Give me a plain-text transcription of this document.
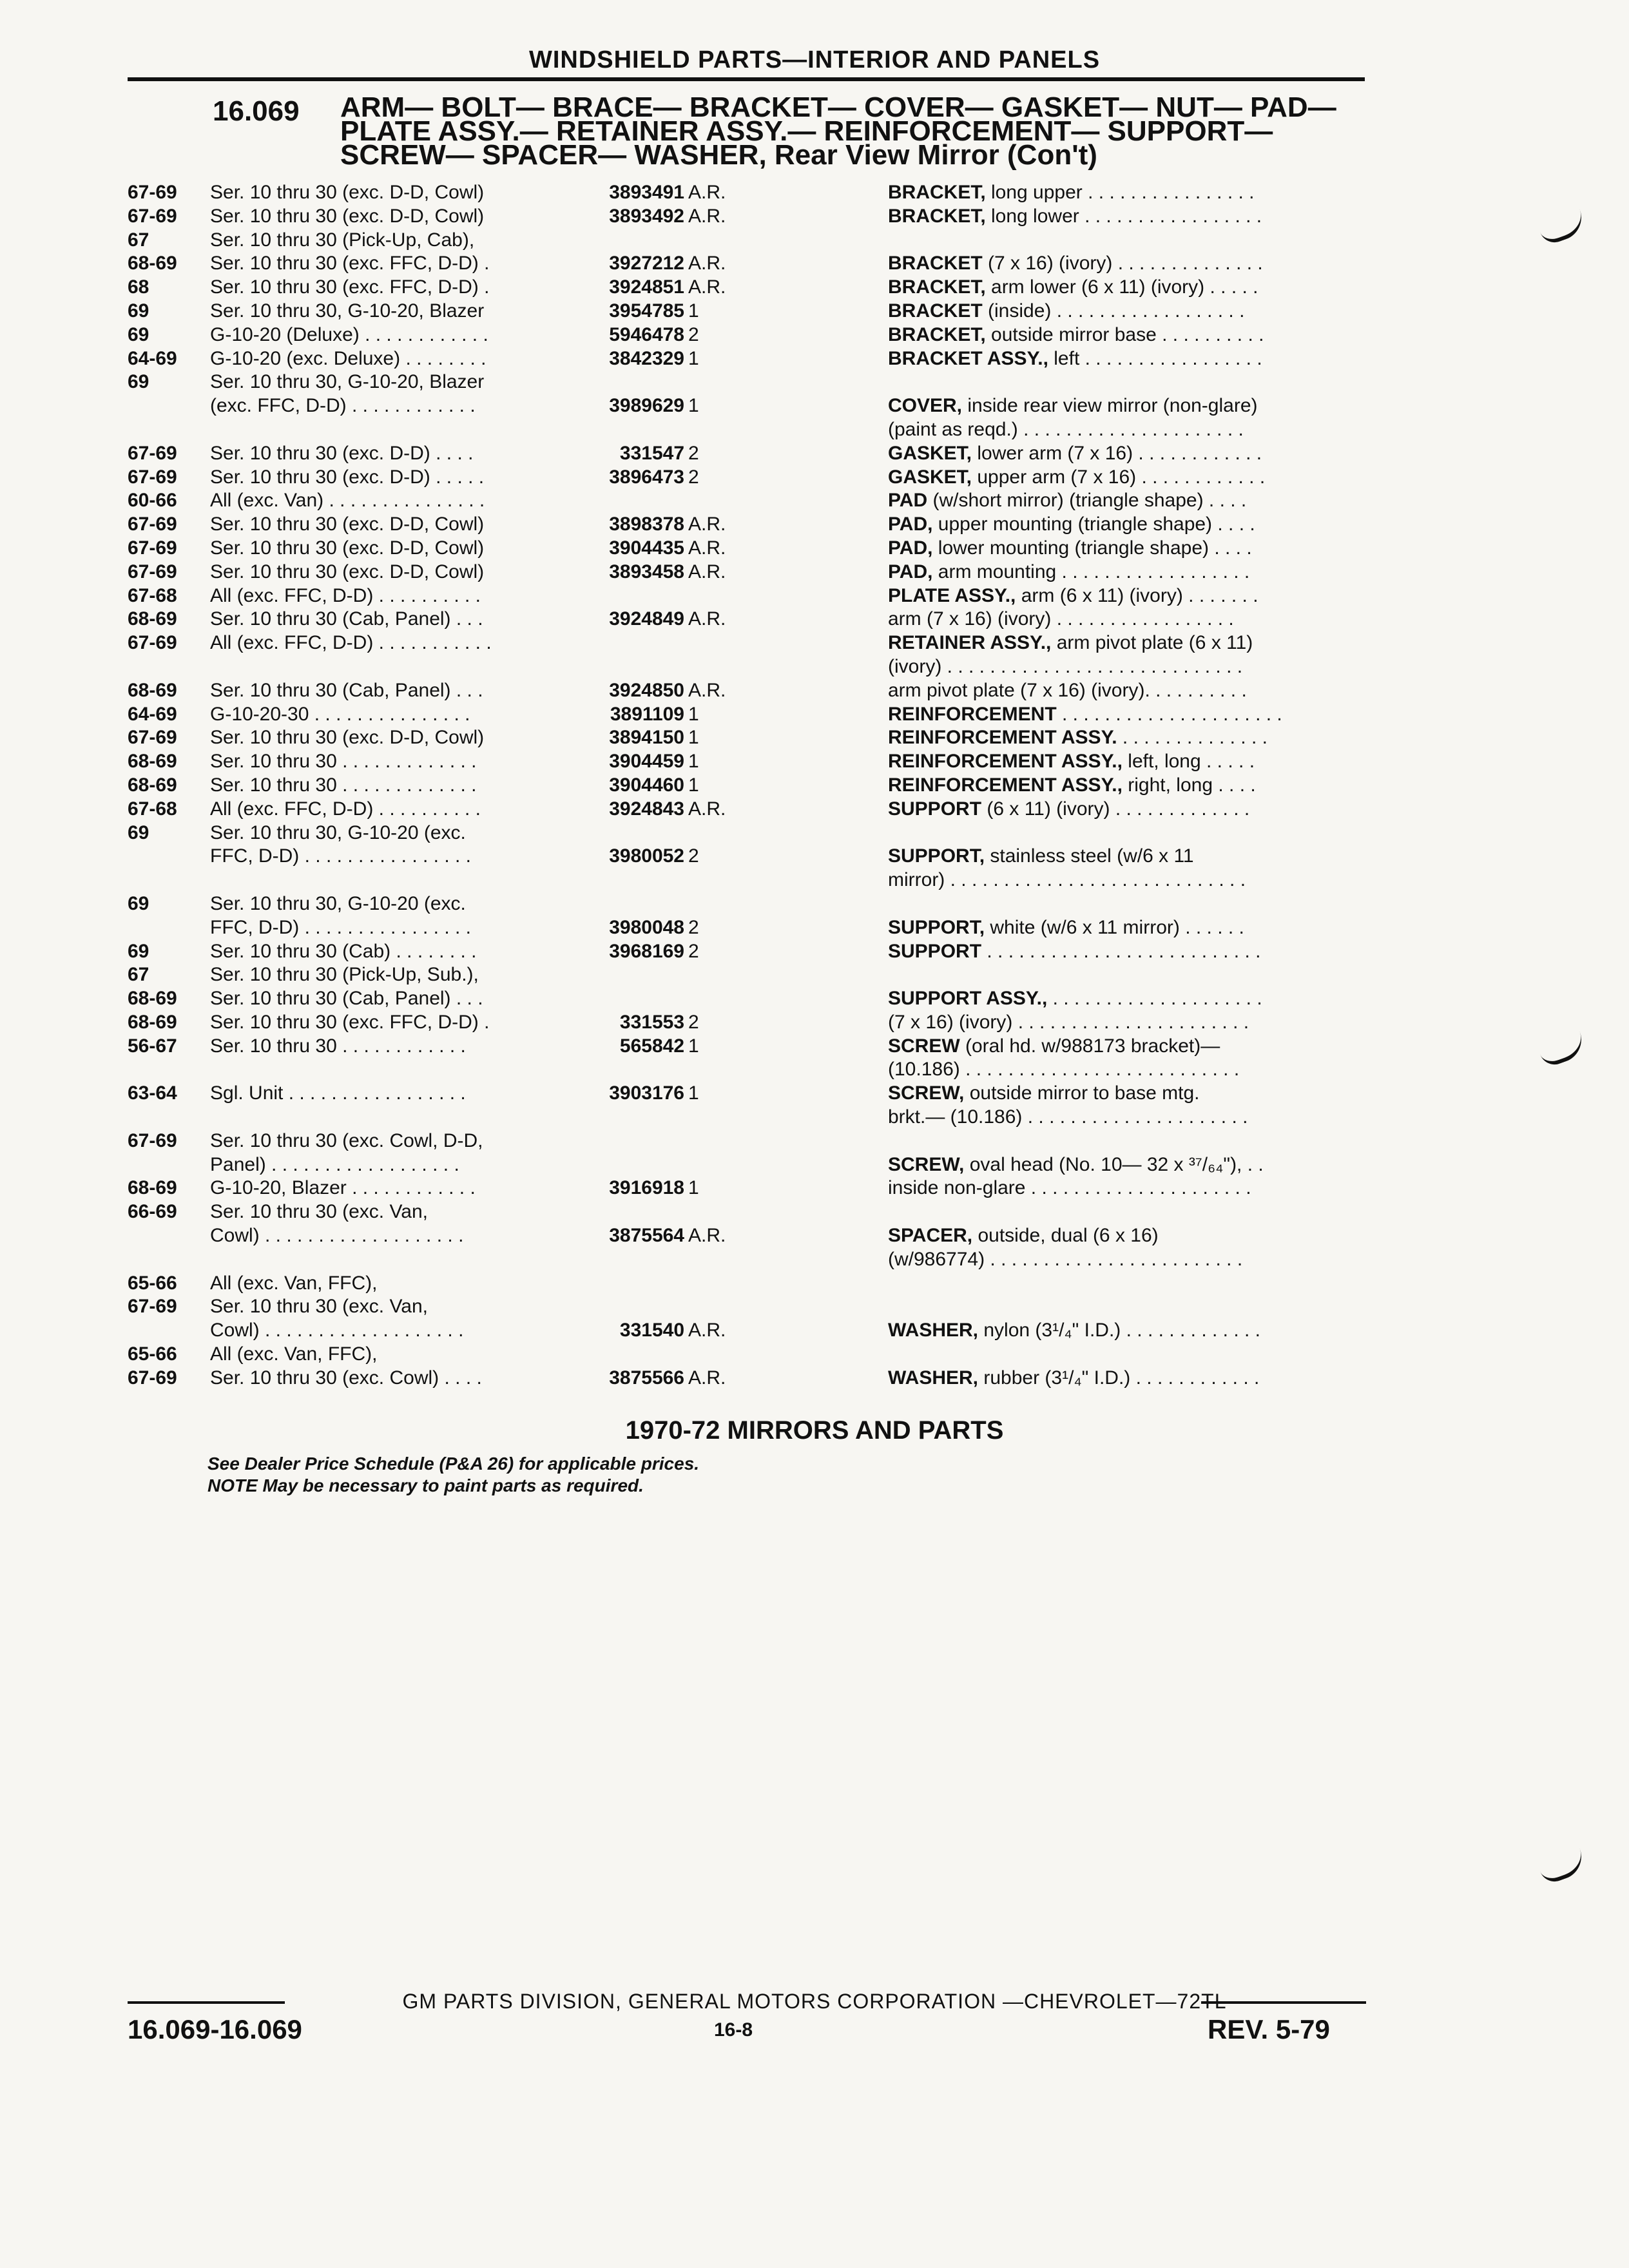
WINDSHIELD PARTS—INTERIOR AND PANELS
16.069 ARM— BOLT— BRACE— BRACKET— COVER— GASKET— NUT— PAD—
PLATE ASSY.— RETAINER ASSY.— REINFORCEMENT— SUPPORT—
SCREW— SPACER— WASHER, Rear View Mirror (Con't)
67-69 Ser. 10 thru 30 (exc. D-D, Cowl)	3893491 A.R.	BRACKET, long upper . . . . . . . . . . . . . . . .
67-69 Ser. 10 thru 30 (exc. D-D, Cowl)	3893492 A.R.	BRACKET, long lower . . . . . . . . . . . . . . . . .
67	Ser. 10 thru 30 (Pick-Up, Cab),
68-69 Ser. 10 thru 30 (exc. FFC, D-D) .	3927212 A.R.	BRACKET (7 x 16) (ivory) . . . . . . . . . . . . . .
68	Ser. 10 thru 30 (exc. FFC, D-D) .	3924851 A.R.	BRACKET, arm lower (6 x 11) (ivory) . . . . .
69	Ser. 10 thru 30, G-10-20, Blazer	3954785 1	BRACKET (inside) . . . . . . . . . . . . . . . . . .
69	G-10-20 (Deluxe) . . . . . . . . . . . .	5946478 2	BRACKET, outside mirror base . . . . . . . . . .
64-69 G-10-20 (exc. Deluxe) . . . . . . . .	3842329 1	BRACKET ASSY., left . . . . . . . . . . . . . . . . .
69	Ser. 10 thru 30, G-10-20, Blazer
(exc. FFC, D-D) . . . . . . . . . . . .	3989629 1	COVER, inside rear view mirror (non-glare)
(paint as reqd.) . . . . . . . . . . . . . . . . . . . . .
67-69 Ser. 10 thru 30 (exc. D-D) . . . .	331547 2	GASKET, lower arm (7 x 16) . . . . . . . . . . . .
67-69 Ser. 10 thru 30 (exc. D-D) . . . . .	3896473 2	GASKET, upper arm (7 x 16) . . . . . . . . . . . .
60-66 All (exc. Van) . . . . . . . . . . . . . . .	PAD (w/short mirror) (triangle shape) . . . .
67-69 Ser. 10 thru 30 (exc. D-D, Cowl)	3898378 A.R.	PAD, upper mounting (triangle shape) . . . .
67-69 Ser. 10 thru 30 (exc. D-D, Cowl)	3904435 A.R.	PAD, lower mounting (triangle shape) . . . .
67-69 Ser. 10 thru 30 (exc. D-D, Cowl)	3893458 A.R.	PAD, arm mounting . . . . . . . . . . . . . . . . . .
67-68 All (exc. FFC, D-D) . . . . . . . . . .	PLATE ASSY., arm (6 x 11) (ivory) . . . . . . .
68-69 Ser. 10 thru 30 (Cab, Panel) . . .	3924849 A.R.	arm (7 x 16) (ivory) . . . . . . . . . . . . . . . . .
67-69 All (exc. FFC, D-D) . . . . . . . . . . .	RETAINER ASSY., arm pivot plate (6 x 11)
(ivory) . . . . . . . . . . . . . . . . . . . . . . . . . . . .
68-69 Ser. 10 thru 30 (Cab, Panel) . . .	3924850 A.R.	arm pivot plate (7 x 16) (ivory). . . . . . . . . .
64-69 G-10-20-30 . . . . . . . . . . . . . . .	3891109 1	REINFORCEMENT . . . . . . . . . . . . . . . . . . . . .
67-69 Ser. 10 thru 30 (exc. D-D, Cowl)	3894150 1	REINFORCEMENT ASSY. . . . . . . . . . . . . . .
68-69 Ser. 10 thru 30 . . . . . . . . . . . . .	3904459 1	REINFORCEMENT ASSY., left, long . . . . .
68-69 Ser. 10 thru 30 . . . . . . . . . . . . .	3904460 1	REINFORCEMENT ASSY., right, long . . . .
67-68 All (exc. FFC, D-D) . . . . . . . . . .	3924843 A.R.	SUPPORT (6 x 11) (ivory) . . . . . . . . . . . . .
69	Ser. 10 thru 30, G-10-20 (exc.
FFC, D-D) . . . . . . . . . . . . . . . .	3980052 2	SUPPORT, stainless steel (w/6 x 11
mirror) . . . . . . . . . . . . . . . . . . . . . . . . . . . .
69	Ser. 10 thru 30, G-10-20 (exc.
FFC, D-D) . . . . . . . . . . . . . . . .	3980048 2	SUPPORT, white (w/6 x 11 mirror) . . . . . .
69	Ser. 10 thru 30 (Cab) . . . . . . . .	3968169 2	SUPPORT . . . . . . . . . . . . . . . . . . . . . . . . . .
67	Ser. 10 thru 30 (Pick-Up, Sub.),
68-69 Ser. 10 thru 30 (Cab, Panel) . . .	SUPPORT ASSY., . . . . . . . . . . . . . . . . . . . .
68-69 Ser. 10 thru 30 (exc. FFC, D-D) .	331553 2	(7 x 16) (ivory) . . . . . . . . . . . . . . . . . . . . . .
56-67 Ser. 10 thru 30 . . . . . . . . . . . .	565842 1	SCREW (oral hd. w/988173 bracket)—
(10.186) . . . . . . . . . . . . . . . . . . . . . . . . . .
63-64 Sgl. Unit . . . . . . . . . . . . . . . . .	3903176 1	SCREW, outside mirror to base mtg.
brkt.— (10.186) . . . . . . . . . . . . . . . . . . . . .
67-69 Ser. 10 thru 30 (exc. Cowl, D-D,
Panel) . . . . . . . . . . . . . . . . . .	SCREW, oval head (No. 10— 32 x ³⁷/₆₄"), . .
68-69 G-10-20, Blazer . . . . . . . . . . . .	3916918 1	inside non-glare . . . . . . . . . . . . . . . . . . . . .
66-69 Ser. 10 thru 30 (exc. Van,
Cowl) . . . . . . . . . . . . . . . . . . .	3875564 A.R.	SPACER, outside, dual (6 x 16)
(w/986774) . . . . . . . . . . . . . . . . . . . . . . . .
65-66 All (exc. Van, FFC),
67-69 Ser. 10 thru 30 (exc. Van,
Cowl) . . . . . . . . . . . . . . . . . . .	331540 A.R.	WASHER, nylon (3¹/₄" I.D.) . . . . . . . . . . . . .
65-66 All (exc. Van, FFC),
67-69 Ser. 10 thru 30 (exc. Cowl) . . . .	3875566 A.R.	WASHER, rubber (3¹/₄" I.D.) . . . . . . . . . . . .
1970-72 MIRRORS AND PARTS
See Dealer Price Schedule (P&A 26) for applicable prices.
NOTE May be necessary to paint parts as required.
GM PARTS DIVISION, GENERAL MOTORS CORPORATION —CHEVROLET—72TL
16.069-16.069	16-8	REV. 5-79
